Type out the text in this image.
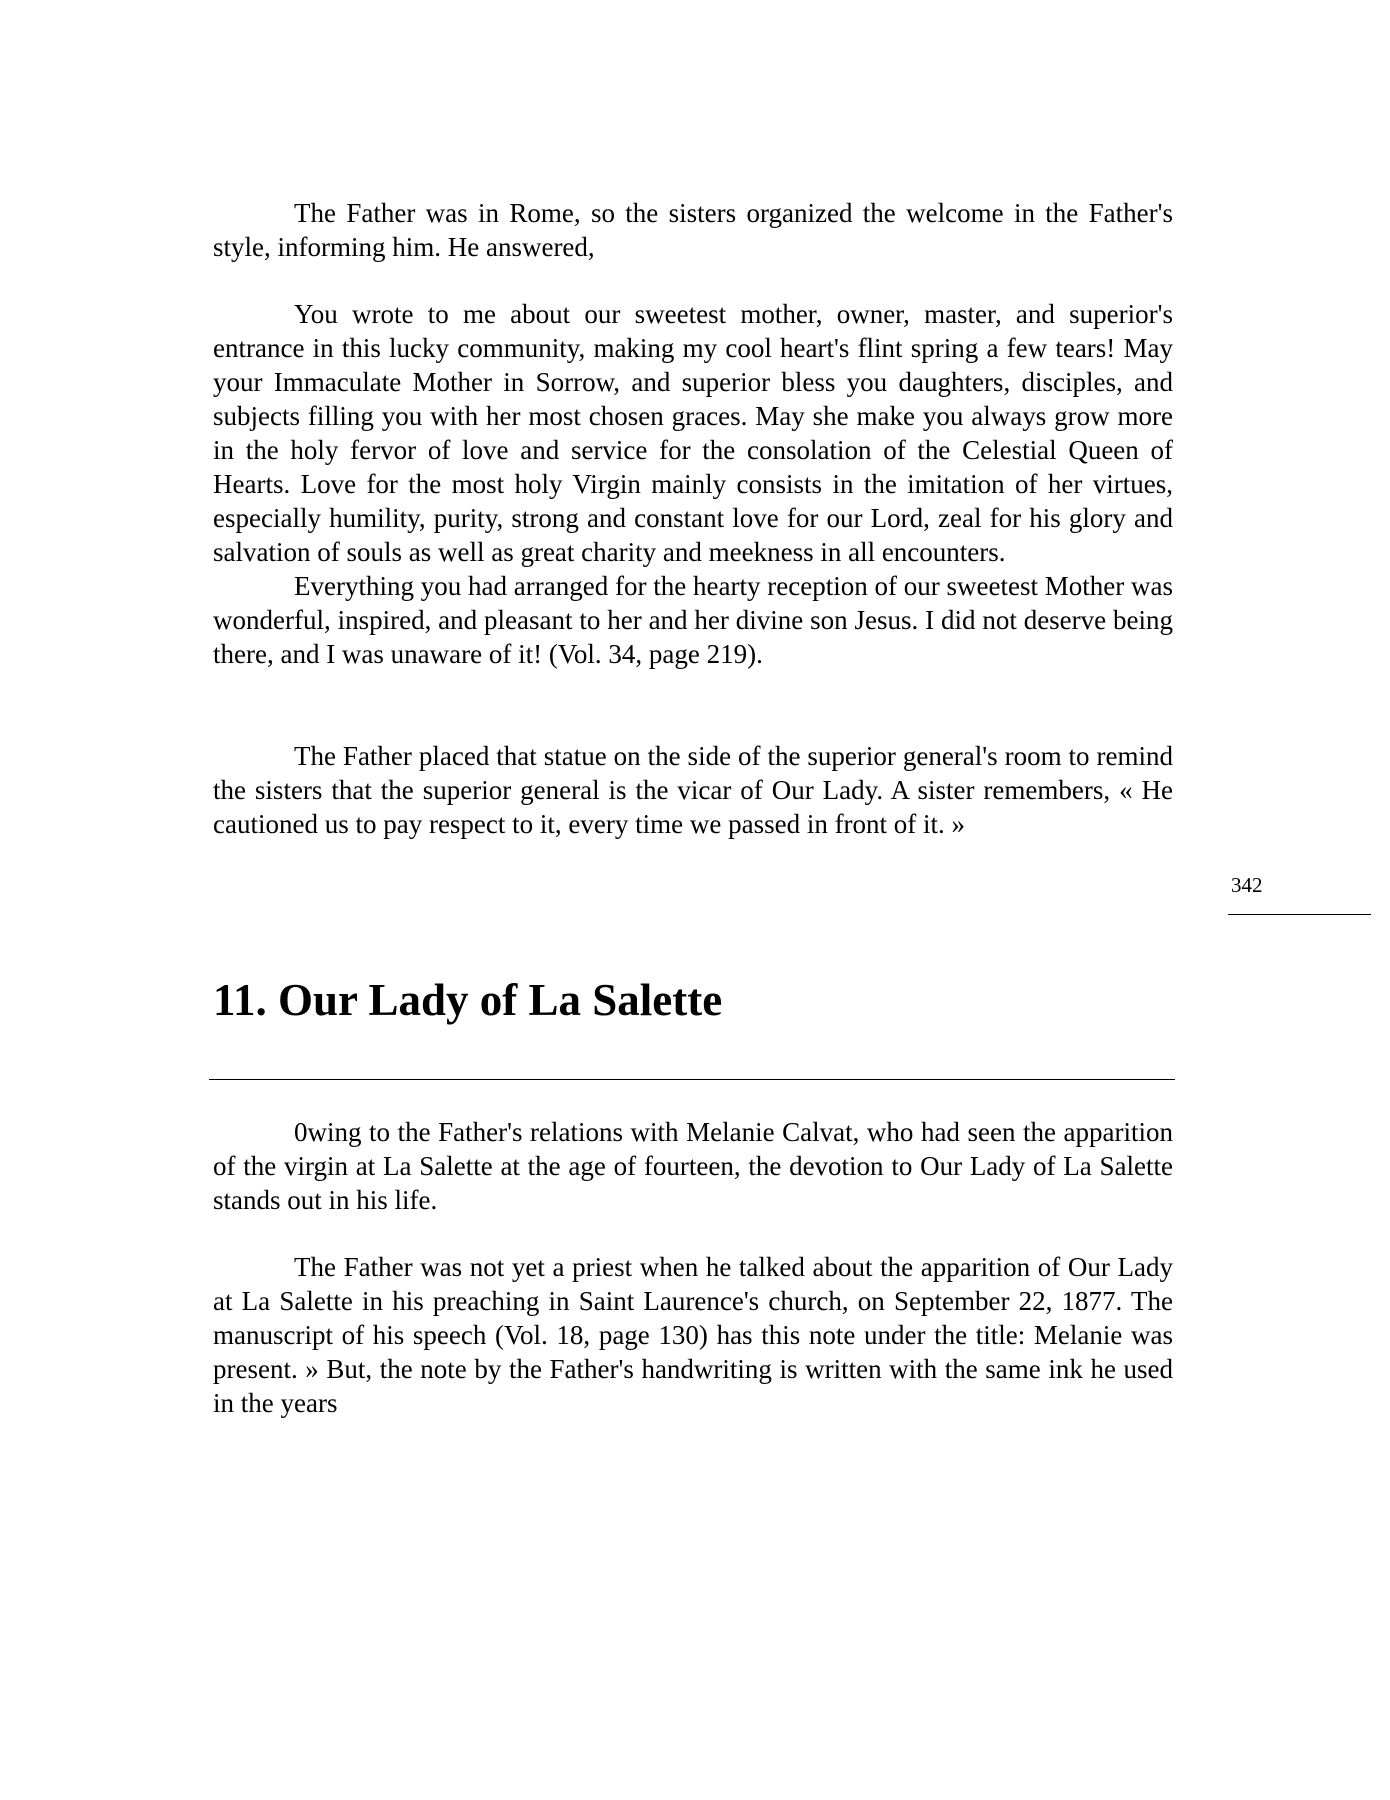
The Father was in Rome, so the sisters organized the welcome in the Father's style, informing him. He answered,

You wrote to me about our sweetest mother, owner, master, and superior's entrance in this lucky community, making my cool heart's flint spring a few tears! May your Immaculate Mother in Sorrow, and superior bless you daughters, disciples, and subjects filling you with her most chosen graces. May she make you always grow more in the holy fervor of love and service for the consolation of the Celestial Queen of Hearts. Love for the most holy Virgin mainly consists in the imitation of her virtues, especially humility, purity, strong and constant love for our Lord, zeal for his glory and salvation of souls as well as great charity and meekness in all encounters.

Everything you had arranged for the hearty reception of our sweetest Mother was wonderful, inspired, and pleasant to her and her divine son Jesus. I did not deserve being there, and I was unaware of it! (Vol. 34, page 219).

The Father placed that statue on the side of the superior general's room to remind the sisters that the superior general is the vicar of Our Lady. A sister remembers, « He cautioned us to pay respect to it, every time we passed in front of it. »

342
11. Our Lady of La Salette

0wing to the Father's relations with Melanie Calvat, who had seen the apparition of the virgin at La Salette at the age of fourteen, the devotion to Our Lady of La Salette stands out in his life.

The Father was not yet a priest when he talked about the apparition of Our Lady at La Salette in his preaching in Saint Laurence's church, on September 22, 1877. The manuscript of his speech (Vol. 18, page 130) has this note under the title: Melanie was present. » But, the note by the Father's handwriting is written with the same ink he used in the years
